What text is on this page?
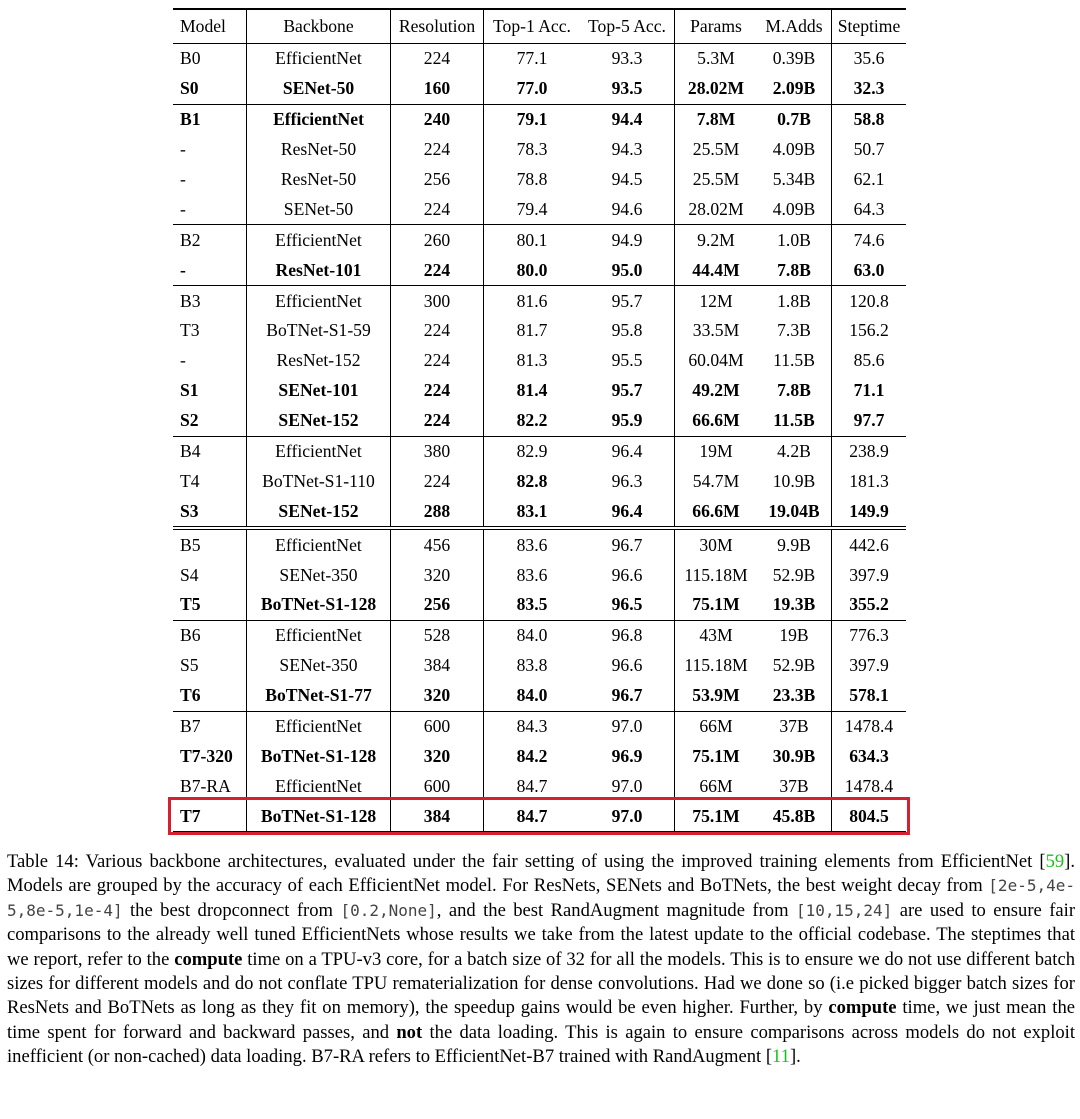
Model	Backbone	Resolution	Top-1 Acc.	Top-5 Acc.	Params	M.Adds	Steptime
B0	EfficientNet	224	77.1	93.3	5.3M	0.39B	35.6
S0	SENet-50	160	77.0	93.5	28.02M	2.09B	32.3
B1	EfficientNet	240	79.1	94.4	7.8M	0.7B	58.8
-	ResNet-50	224	78.3	94.3	25.5M	4.09B	50.7
-	ResNet-50	256	78.8	94.5	25.5M	5.34B	62.1
-	SENet-50	224	79.4	94.6	28.02M	4.09B	64.3
B2	EfficientNet	260	80.1	94.9	9.2M	1.0B	74.6
-	ResNet-101	224	80.0	95.0	44.4M	7.8B	63.0
B3	EfficientNet	300	81.6	95.7	12M	1.8B	120.8
T3	BoTNet-S1-59	224	81.7	95.8	33.5M	7.3B	156.2
-	ResNet-152	224	81.3	95.5	60.04M	11.5B	85.6
S1	SENet-101	224	81.4	95.7	49.2M	7.8B	71.1
S2	SENet-152	224	82.2	95.9	66.6M	11.5B	97.7
B4	EfficientNet	380	82.9	96.4	19M	4.2B	238.9
T4	BoTNet-S1-110	224	82.8	96.3	54.7M	10.9B	181.3
S3	SENet-152	288	83.1	96.4	66.6M	19.04B	149.9
B5	EfficientNet	456	83.6	96.7	30M	9.9B	442.6
S4	SENet-350	320	83.6	96.6	115.18M	52.9B	397.9
T5	BoTNet-S1-128	256	83.5	96.5	75.1M	19.3B	355.2
B6	EfficientNet	528	84.0	96.8	43M	19B	776.3
S5	SENet-350	384	83.8	96.6	115.18M	52.9B	397.9
T6	BoTNet-S1-77	320	84.0	96.7	53.9M	23.3B	578.1
B7	EfficientNet	600	84.3	97.0	66M	37B	1478.4
T7-320	BoTNet-S1-128	320	84.2	96.9	75.1M	30.9B	634.3
B7-RA	EfficientNet	600	84.7	97.0	66M	37B	1478.4
T7	BoTNet-S1-128	384	84.7	97.0	75.1M	45.8B	804.5

Table 14: Various backbone architectures, evaluated under the fair setting of using the improved training elements from EfficientNet [59]. Models are grouped by the accuracy of each EfficientNet model. For ResNets, SENets and BoTNets, the best weight decay from [2e-5,4e-5,8e-5,1e-4] the best dropconnect from [0.2,None], and the best RandAugment magnitude from [10,15,24] are used to ensure fair comparisons to the already well tuned EfficientNets whose results we take from the latest update to the official codebase. The steptimes that we report, refer to the compute time on a TPU-v3 core, for a batch size of 32 for all the models. This is to ensure we do not use different batch sizes for different models and do not conflate TPU rematerialization for dense convolutions. Had we done so (i.e picked bigger batch sizes for ResNets and BoTNets as long as they fit on memory), the speedup gains would be even higher. Further, by compute time, we just mean the time spent for forward and backward passes, and not the data loading. This is again to ensure comparisons across models do not exploit inefficient (or non-cached) data loading. B7-RA refers to EfficientNet-B7 trained with RandAugment [11].
